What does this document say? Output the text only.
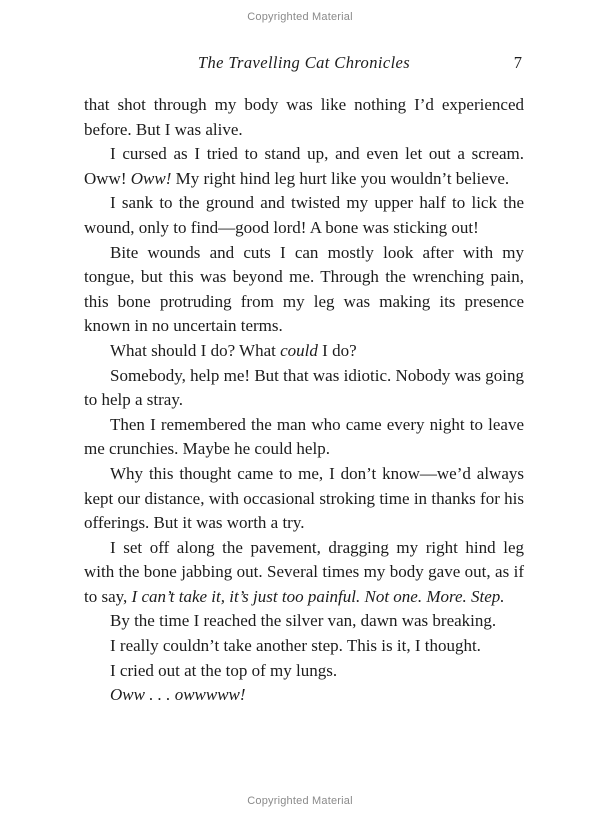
Copyrighted Material
The Travelling Cat Chronicles	7

that shot through my body was like nothing I’d experienced before. But I was alive.

I cursed as I tried to stand up, and even let out a scream. Oww! Oww! My right hind leg hurt like you wouldn’t believe.

I sank to the ground and twisted my upper half to lick the wound, only to find—good lord! A bone was sticking out!

Bite wounds and cuts I can mostly look after with my tongue, but this was beyond me. Through the wrenching pain, this bone protruding from my leg was making its presence known in no uncertain terms.

What should I do? What could I do?

Somebody, help me! But that was idiotic. Nobody was going to help a stray.

Then I remembered the man who came every night to leave me crunchies. Maybe he could help.

Why this thought came to me, I don’t know—we’d always kept our distance, with occasional stroking time in thanks for his offerings. But it was worth a try.

I set off along the pavement, dragging my right hind leg with the bone jabbing out. Several times my body gave out, as if to say, I can’t take it, it’s just too painful. Not one. More. Step.

By the time I reached the silver van, dawn was breaking.

I really couldn’t take another step. This is it, I thought.

I cried out at the top of my lungs.

Oww . . . owwwww!

Copyrighted Material
